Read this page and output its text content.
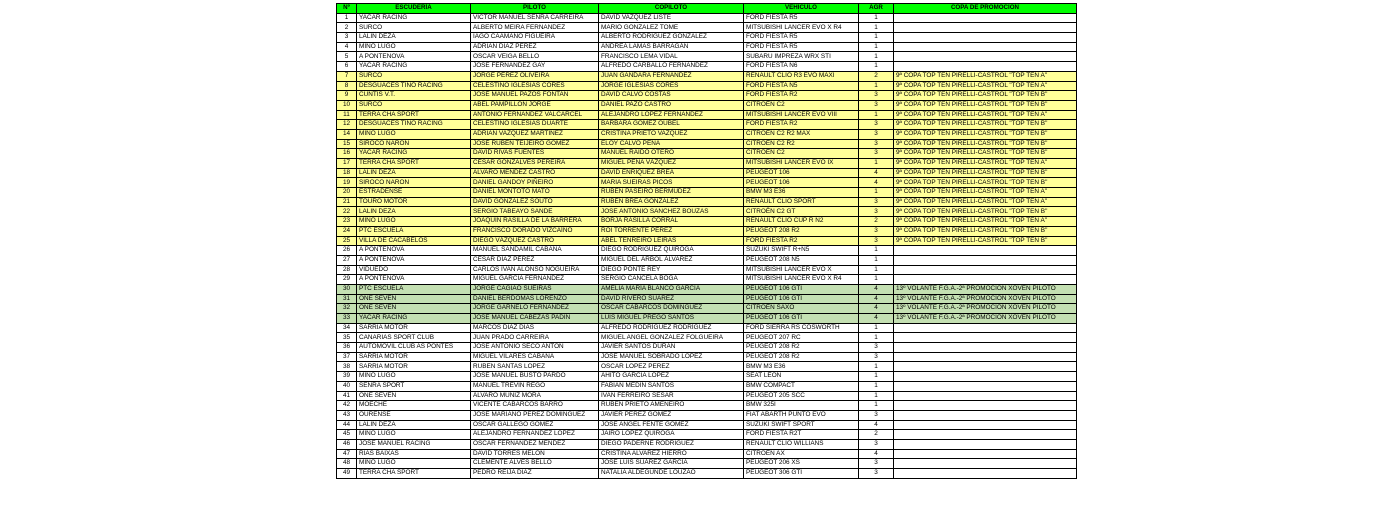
Nº	ESCUDERÍA	PILOTO	COPILOTO	VEHICULO	AGR	COPA DE PROMOCIÓN
1	YACAR RACING	VICTOR MANUEL SENRA CARREIRA	DAVID VAZQUEZ LISTE	FORD FIESTA R5	1	
2	SURCO	ALBERTO MEIRA FERNANDEZ	MARIO GONZALEZ TOME	MITSUBISHI LANCER EVO X R4	1	
3	LALIN DEZA	IAGO CAAMAÑO FIGUEIRA	ALBERTO RODRIGUEZ GONZALEZ	FORD FIESTA R5	1	
4	MIÑO LUGO	ADRIAN DIAZ PEREZ	ANDREA LAMAS BARRAGÁN	FORD FIESTA R5	1	
5	A PONTENOVA	OSCAR VEIGA BELLO	FRANCISCO LEMA VIDAL	SUBARU IMPREZA WRX STI	1	
6	YACAR RACING	JOSE FERNANDEZ GAY	ALFREDO CARBALLO FERNANDEZ	FORD FIESTA N6	1	
7	SURCO	JORGE PÉREZ OLIVEIRA	JUAN GANDARA FERNANDEZ	RENAULT CLIO R3 EVO MAXI	2	9ª COPA TOP TEN PIRELLI-CASTROL "TOP TEN A"
8	DESGUACES TINO RACING	CELESTINO IGLESIAS CORES	JORGE IGLESIAS CORES	FORD FIESTA N5	1	9ª COPA TOP TEN PIRELLI-CASTROL "TOP TEN A"
9	CUNTIS V.T.	JOSÉ MANUEL PAZOS FONTAN	DAVID CALVO COSTAS	FORD FIESTA R2	3	9ª COPA TOP TEN PIRELLI-CASTROL "TOP TEN B"
10	SURCO	ABEL PAMPILLON JORGE	DANIEL PAZÓ CASTRO	CITROËN C2	3	9ª COPA TOP TEN PIRELLI-CASTROL "TOP TEN B"
11	TERRA CHA SPORT	ANTONIO FERNANDEZ VALCARCEL	ALEJANDRO LOPEZ FERNANDEZ	MITSUBISHI LANCER EVO VIII	1	9ª COPA TOP TEN PIRELLI-CASTROL "TOP TEN A"
12	DESGUACES TINO RACING	CELESTINO IGLESIAS DUARTE	BARBARA GOMEZ OUBEL	FORD FIESTA R2	3	9ª COPA TOP TEN PIRELLI-CASTROL "TOP TEN B"
14	MIÑO LUGO	ADRIAN VAZQUEZ MARTINEZ	CRISTINA PRIETO VAZQUEZ	CITROËN C2 R2 MAX	3	9ª COPA TOP TEN PIRELLI-CASTROL "TOP TEN B"
15	SIROCO NARON	JOSÉ RUBÉN TEIJEIRO GÓMEZ	ELOY CALVO PENA	CITROËN C2 R2	3	9ª COPA TOP TEN PIRELLI-CASTROL "TOP TEN B"
16	YACAR RACING	DAVID RIVAS FUENTES	MANUEL RAIDO OTERO	CITROËN C2	3	9ª COPA TOP TEN PIRELLI-CASTROL "TOP TEN B"
17	TERRA CHA SPORT	CÉSAR GONZALVES PEREIRA	MIGUEL PEÑA VÁZQUEZ	MITSUBISHI LANCER EVO IX	1	9ª COPA TOP TEN PIRELLI-CASTROL "TOP TEN A"
18	LALIN DEZA	ALVARO MENDEZ CASTRO	DAVID ENRIQUEZ BREA	PEUGEOT 106	4	9ª COPA TOP TEN PIRELLI-CASTROL "TOP TEN B"
19	SIROCO NARON	DANIEL GANDOY PIÑEIRO	MARIA SUEIRAS PICOS	PEUGEOT 106	4	9ª COPA TOP TEN PIRELLI-CASTROL "TOP TEN B"
20	ESTRADENSE	DANIEL MONTOTO MATO	RUBEN PASEIRO BERMUDEZ	BMW M3 E36	1	9ª COPA TOP TEN PIRELLI-CASTROL "TOP TEN A"
21	TOURO MOTOR	DAVID GONZALEZ SOUTO	RUBÉN BREA GONZALEZ	RENAULT CLIO SPORT	3	9ª COPA TOP TEN PIRELLI-CASTROL "TOP TEN A"
22	LALIN DEZA	SERGIO TABEAYO SANDE	JOSE ANTONIO SANCHEZ BOUZAS	CITROËN C2 GT	3	9ª COPA TOP TEN PIRELLI-CASTROL "TOP TEN B"
23	MIÑO LUGO	JOAQUIN RASILLA DE LA BARRERA	BORJA RASILLA CORRAL	RENAULT CLIO CUP R N2	2	9ª COPA TOP TEN PIRELLI-CASTROL "TOP TEN A"
24	PTC ESCUELA	FRANCISCO DORADO VIZCAÍNO	ROI TORRENTE PÉREZ	PEUGEOT 208 R2	3	9ª COPA TOP TEN PIRELLI-CASTROL "TOP TEN B"
25	VILLA DE CACABELOS	DIEGO VÁZQUEZ CASTRO	ABEL TENREIRO LEIRAS	FORD FIESTA R2	3	9ª COPA TOP TEN PIRELLI-CASTROL "TOP TEN B"
26	A PONTENOVA	MANUEL SANDAMIL CABANA	DIEGO RODRIGUEZ QUIROGA	SUZUKI SWIFT R+N5	1	
27	A PONTENOVA	CESAR DÍAZ PÉREZ	MIGUEL DEL ÁRBOL ÁLVAREZ	PEUGEOT 208 N5	1	
28	VIDUEDO	CARLOS IVAN ALONSO NOGUEIRA	DIEGO PONTE REY	MITSUBISHI LANCER EVO X	1	
29	A PONTENOVA	MIGUEL GARCIA FERNANDEZ	SERGIO CANCELA BOGA	MITSUBISHI LANCER EVO X R4	1	
30	PTC ESCUELA	JORGE CAGIAO SUEIRAS	AMELIA MARÍA BLANCO GARCIA	PEUGEOT 106 GTI	4	13º VOLANTE F.G.A.-2ª PROMOCION XOVEN PILOTO
31	ONE SEVEN	DANIEL BERDOMAS LORENZO	DAVID RIVERO SUAREZ	PEUGEOT 106 GTI	4	13º VOLANTE F.G.A.-2ª PROMOCION XOVEN PILOTO
32	ONE SEVEN	JORGE GARNELO FERNANDEZ	OSCAR CABARCOS DOMINGUEZ	CITROËN SAXO	4	13º VOLANTE F.G.A.-2ª PROMOCION XOVEN PILOTO
33	YACAR RACING	JOSE MANUEL CABEZAS PADIN	LUIS MIGUEL PREGO SANTOS	PEUGEOT 106 GTI	4	13º VOLANTE F.G.A.-2ª PROMOCION XOVEN PILOTO
34	SARRIA MOTOR	MARCOS DIAZ DIAS	ALFREDO RODRÍGUEZ RODRÍGUEZ	FORD SIERRA RS COSWORTH	1	
35	CANARIAS SPORT CLUB	JUAN PRADO CARREIRA	MIGUEL ANGEL GONZALEZ FOLGUEIRA	PEUGEOT 207 RC	1	
36	AUTOMOVIL CLUB AS PONTES	JOSE ANTONIO SECO ANTON	JAVIER SANTOS DURAN	PEUGEOT 208 R2	3	
37	SARRIA MOTOR	MIGUEL VILARES CABANA	JOSE MANUEL SOBRADO LOPEZ	PEUGEOT 208 R2	3	
38	SARRIA MOTOR	RUBEN SANTAS LOPEZ	OSCAR LOPEZ PEREZ	BMW M3 E36	1	
39	MIÑO LUGO	JOSE MANUEL BUSTO PARDO	AHITO GARCIA LOPEZ	SEAT LEON	1	
40	SENRA SPORT	MANUEL TREVIN REGO	FABIAN MEDIN SANTOS	BMW COMPACT	1	
41	ONE SEVEN	ÁLVARO MUÑIZ MORA	IVAN FERREIRO SESAR	PEUGEOT 205 SCC	1	
42	MOECHE	VICENTE CABARCOS BARRO	RUBEN PRIETO AMENEIRO	BMW 325I	1	
43	OURENSE	JOSE MARIANO PEREZ DOMINGUEZ	JAVIER PEREZ GOMEZ	FIAT ABARTH PUNTO EVO	3	
44	LALIN DEZA	OSCAR GALLEGO GOMEZ	JOSE ANGEL FENTE GOMEZ	SUZUKI SWIFT SPORT	4	
45	MIÑO LUGO	ALEJANDRO FERNANDEZ LOPEZ	JAIRO LOPEZ QUIROGA	FORD FIESTA R2T	2	
46	JOSE MANUEL RACING	OSCAR FERNANDEZ MENDEZ	DIEGO PADERNE RODRIGUEZ	RENAULT CLIO WILLIANS	3	
47	RIAS BAIXAS	DAVID TORRES MELON	CRISTINA ALVAREZ HIERRO	CITROËN AX	4	
48	MIÑO LUGO	CLEMENTE ALVES BELLO	JOSE LUIS SUÁREZ GARCÍA	PEUGEOT 206 XS	3	
49	TERRA CHA SPORT	PEDRO REIJA DIAZ	NATALIA ALDEGUNDE LOUZAO	PEUGEOT 306 GTI	3	
